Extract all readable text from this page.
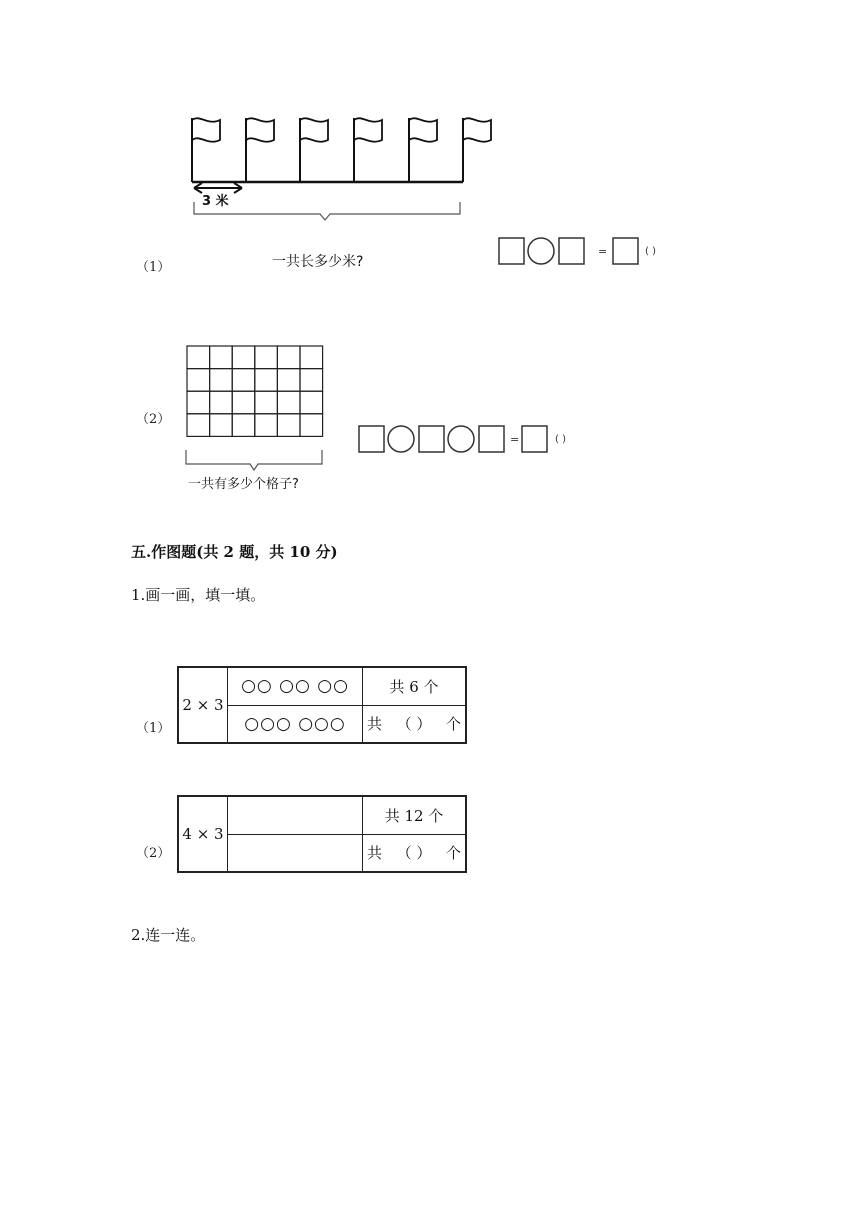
（1）
3 米
一共长多少米?
=	( )
（2）
一共有多少个格子?
=	( )
五.作图题(共 2 题，共 10 分)
1.画一画，填一填。
（1）
2 × 3	○○ ○○ ○○	共 6 个
	○○○ ○○○	共 （ ） 个
（2）
4 × 3		共 12 个

		共 （ ） 个
2.连一连。
